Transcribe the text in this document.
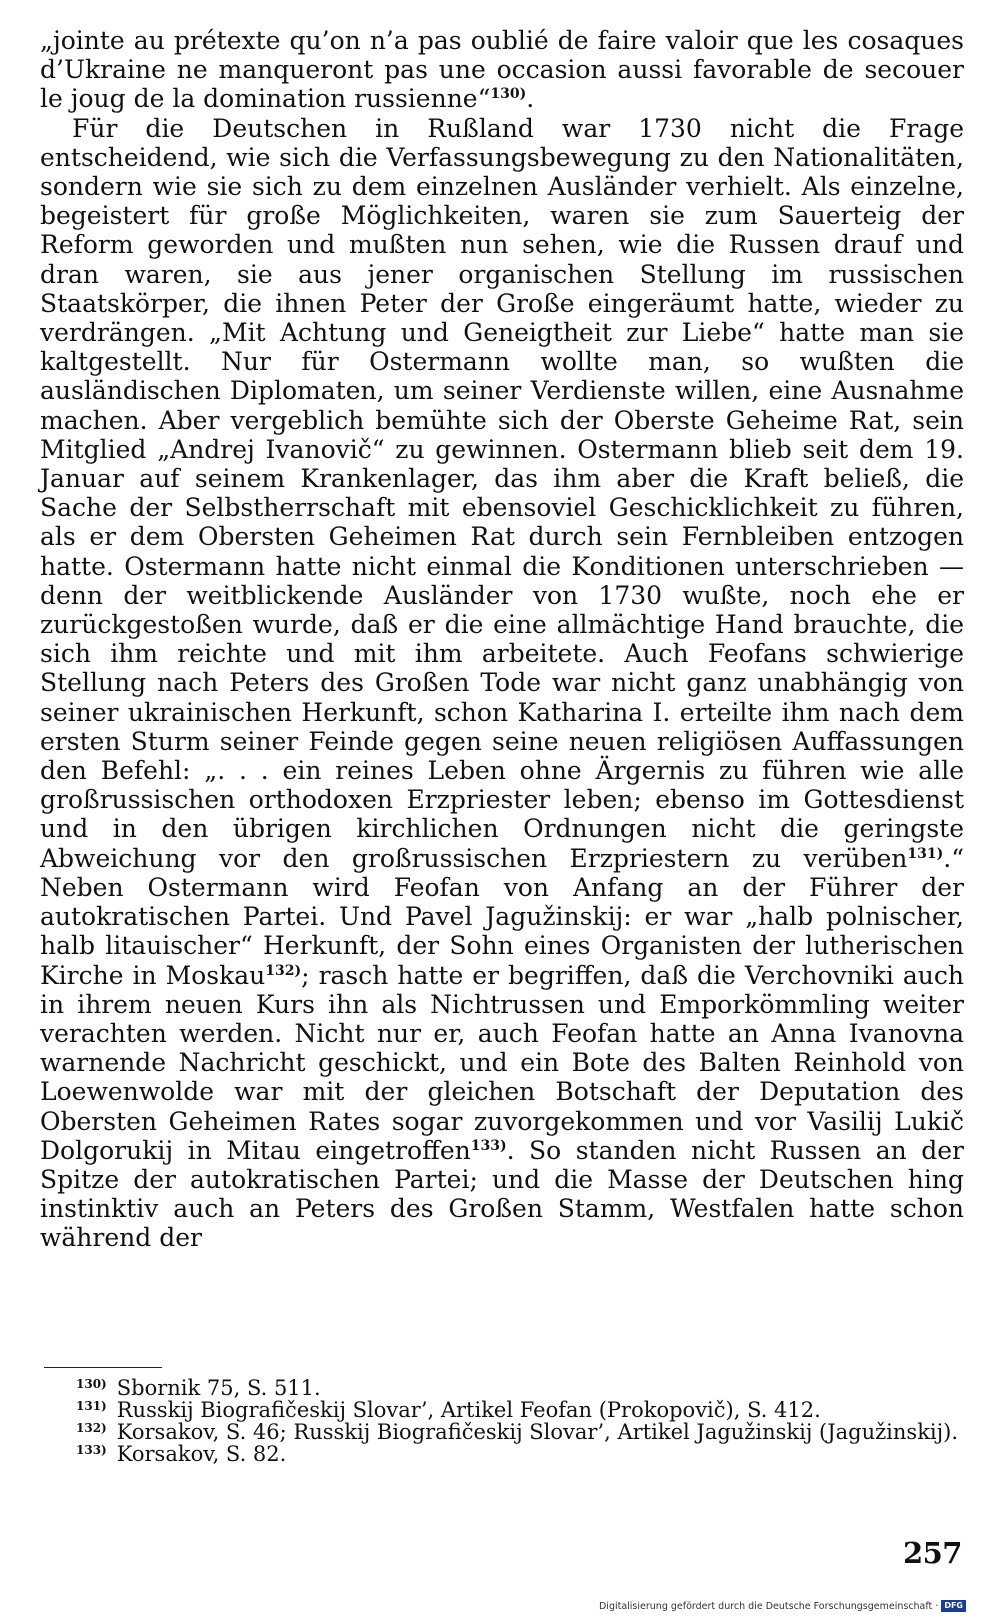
„jointe au prétexte qu’on n’a pas oublié de faire valoir que les cosaques d’Ukraine ne manqueront pas une occasion aussi favorable de secouer le joug de la domination russienne“$^{130)}$.

Für die Deutschen in Rußland war 1730 nicht die Frage entscheidend, wie sich die Verfassungsbewegung zu den Nationalitäten, sondern wie sie sich zu dem einzelnen Ausländer verhielt. Als einzelne, begeistert für große Möglichkeiten, waren sie zum Sauerteig der Reform geworden und mußten nun sehen, wie die Russen drauf und dran waren, sie aus jener organischen Stellung im russischen Staatskörper, die ihnen Peter der Große eingeräumt hatte, wieder zu verdrängen. „Mit Achtung und Geneigtheit zur Liebe“ hatte man sie kaltgestellt. Nur für Ostermann wollte man, so wußten die ausländischen Diplomaten, um seiner Verdienste willen, eine Ausnahme machen. Aber vergeblich bemühte sich der Oberste Geheime Rat, sein Mitglied „Andrej Ivanovič“ zu gewinnen. Ostermann blieb seit dem 19. Januar auf seinem Krankenlager, das ihm aber die Kraft beließ, die Sache der Selbstherrschaft mit ebensoviel Geschicklichkeit zu führen, als er dem Obersten Geheimen Rat durch sein Fernbleiben entzogen hatte. Ostermann hatte nicht einmal die Konditionen unterschrieben — denn der weitblickende Ausländer von 1730 wußte, noch ehe er zurückgestoßen wurde, daß er die eine allmächtige Hand brauchte, die sich ihm reichte und mit ihm arbeitete. Auch Feofans schwierige Stellung nach Peters des Großen Tode war nicht ganz unabhängig von seiner ukrainischen Herkunft, schon Katharina I. erteilte ihm nach dem ersten Sturm seiner Feinde gegen seine neuen religiösen Auffassungen den Befehl: „. . . ein reines Leben ohne Ärgernis zu führen wie alle großrussischen orthodoxen Erzpriester leben; ebenso im Gottesdienst und in den übrigen kirchlichen Ordnungen nicht die geringste Abweichung vor den großrussischen Erzpriestern zu verüben$^{131)}$.“ Neben Ostermann wird Feofan von Anfang an der Führer der autokratischen Partei. Und Pavel Jagužinskij: er war „halb polnischer, halb litauischer“ Herkunft, der Sohn eines Organisten der lutherischen Kirche in Moskau$^{132)}$; rasch hatte er begriffen, daß die Verchovniki auch in ihrem neuen Kurs ihn als Nichtrussen und Emporkömmling weiter verachten werden. Nicht nur er, auch Feofan hatte an Anna Ivanovna warnende Nachricht geschickt, und ein Bote des Balten Reinhold von Loewenwolde war mit der gleichen Botschaft der Deputation des Obersten Geheimen Rates sogar zuvorgekommen und vor Vasilij Lukič Dolgorukij in Mitau eingetroffen$^{133)}$. So standen nicht Russen an der Spitze der autokratischen Partei; und die Masse der Deutschen hing instinktiv auch an Peters des Großen Stamm, Westfalen hatte schon während der

$^{130)}$ Sbornik 75, S. 511.
$^{131)}$ Russkij Biografičeskij Slovar’, Artikel Feofan (Prokopovič), S. 412.
$^{132)}$ Korsakov, S. 46; Russkij Biografičeskij Slovar’, Artikel Jagužinskij (Jagužinskij).
$^{133)}$ Korsakov, S. 82.
257
Digitalisierung gefördert durch die Deutsche Forschungsgemeinschaft · DFG
